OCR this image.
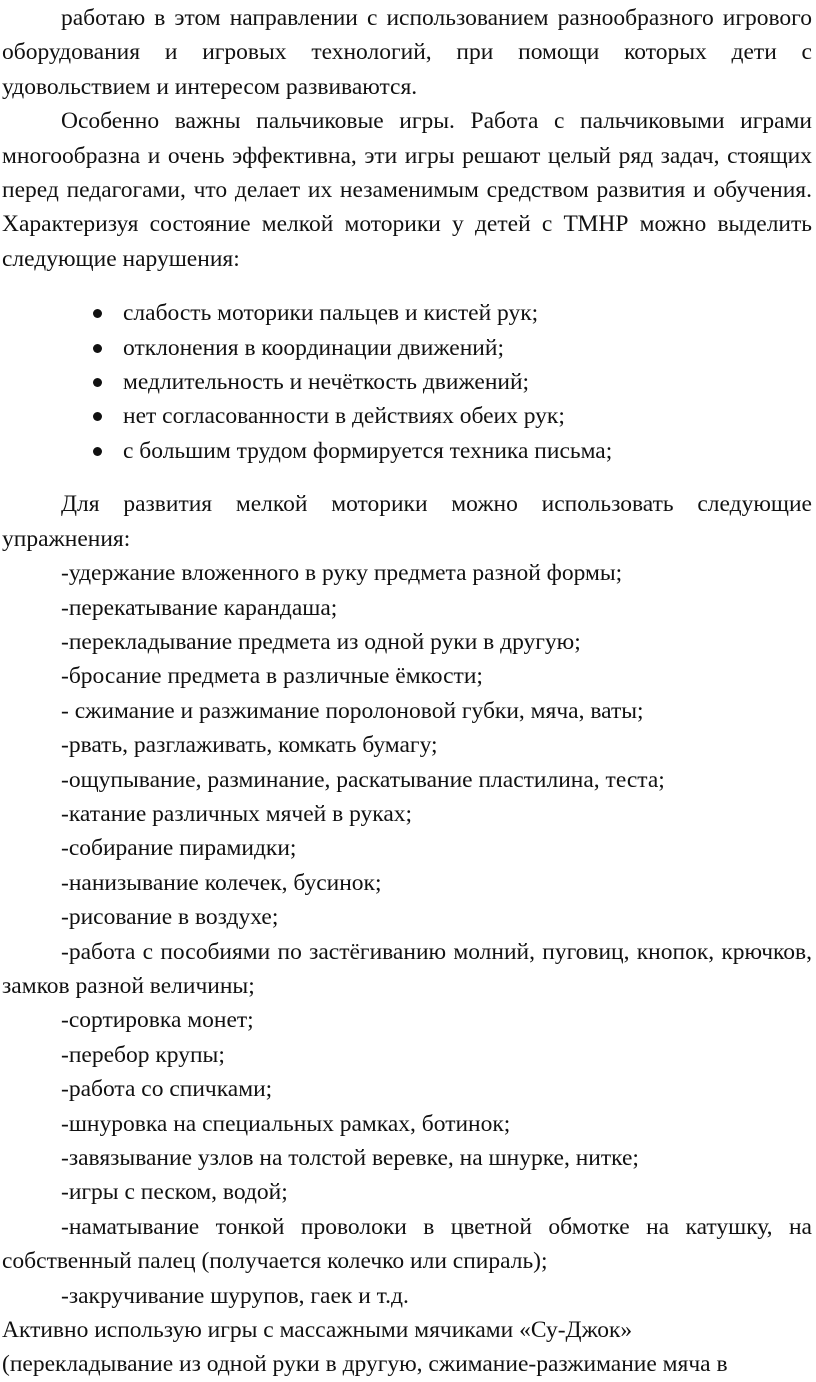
работаю в этом направлении с использованием разнообразного игрового оборудования и игровых технологий, при помощи которых дети с удовольствием и интересом развиваются.

Особенно важны пальчиковые игры. Работа с пальчиковыми играми многообразна и очень эффективна, эти игры решают целый ряд задач, стоящих перед педагогами, что делает их незаменимым средством развития и обучения. Характеризуя состояние мелкой моторики у детей с ТМНР можно выделить следующие нарушения:

слабость моторики пальцев и кистей рук;
отклонения в координации движений;
медлительность и нечёткость движений;
нет согласованности в действиях обеих рук;
с большим трудом формируется техника письма;

Для развития мелкой моторики можно использовать следующие упражнения:

-удержание вложенного в руку предмета разной формы;

-перекатывание карандаша;

-перекладывание предмета из одной руки в другую;

-бросание предмета в различные ёмкости;

- сжимание и разжимание поролоновой губки, мяча, ваты;

-рвать, разглаживать, комкать бумагу;

-ощупывание, разминание, раскатывание пластилина, теста;

-катание различных мячей в руках;

-собирание пирамидки;

-нанизывание колечек, бусинок;

-рисование в воздухе;

-работа с пособиями по застёгиванию молний, пуговиц, кнопок, крючков, замков разной величины;

-сортировка монет;

-перебор крупы;

-работа со спичками;

-шнуровка на специальных рамках, ботинок;

-завязывание узлов на толстой веревке, на шнурке, нитке;

-игры с песком, водой;

-наматывание тонкой проволоки в цветной обмотке на катушку, на собственный палец (получается колечко или спираль);

-закручивание шурупов, гаек и т.д.

Активно использую игры с массажными мячиками «Су-Джок»

(перекладывание из одной руки в другую, сжимание-разжимание мяча в
